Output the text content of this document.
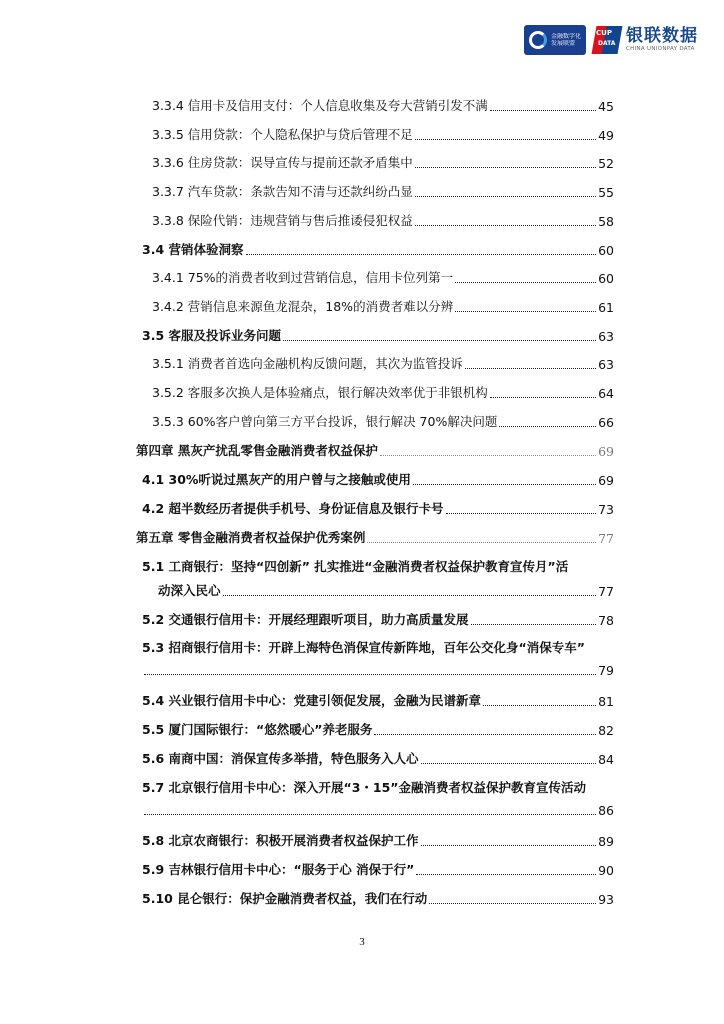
金融数字化
发展联盟
CUP
DATA 银联数据
CHINA UNIONPAY DATA
3.3.4 信用卡及信用支付：个人信息收集及夸大营销引发不满	45
3.3.5 信用贷款：个人隐私保护与贷后管理不足	49
3.3.6 住房贷款：误导宣传与提前还款矛盾集中	52
3.3.7 汽车贷款：条款告知不清与还款纠纷凸显	55
3.3.8 保险代销：违规营销与售后推诿侵犯权益	58
3.4 营销体验洞察	60
3.4.1 75%的消费者收到过营销信息，信用卡位列第一	60
3.4.2 营销信息来源鱼龙混杂，18%的消费者难以分辨	61
3.5 客服及投诉业务问题	63
3.5.1 消费者首选向金融机构反馈问题，其次为监管投诉	63
3.5.2 客服多次换人是体验痛点，银行解决效率优于非银机构	64
3.5.3 60%客户曾向第三方平台投诉，银行解决 70%解决问题	66
第四章 黑灰产扰乱零售金融消费者权益保护	69
4.1 30%听说过黑灰产的用户曾与之接触或使用	69
4.2 超半数经历者提供手机号、身份证信息及银行卡号	73
第五章 零售金融消费者权益保护优秀案例	77
5.1 工商银行：坚持“四创新” 扎实推进“金融消费者权益保护教育宣传月”活
动深入民心	77
5.2 交通银行信用卡：开展经理跟听项目，助力高质量发展	78
5.3 招商银行信用卡：开辟上海特色消保宣传新阵地，百年公交化身“消保专车”
79
5.4 兴业银行信用卡中心：党建引领促发展，金融为民谱新章	81
5.5 厦门国际银行：“悠然暖心”养老服务	82
5.6 南商中国：消保宣传多举措，特色服务入人心	84
5.7 北京银行信用卡中心：深入开展“3・15”金融消费者权益保护教育宣传活动
86
5.8 北京农商银行：积极开展消费者权益保护工作	89
5.9 吉林银行信用卡中心：“服务于心 消保于行”	90
5.10 昆仑银行：保护金融消费者权益，我们在行动	93
3
